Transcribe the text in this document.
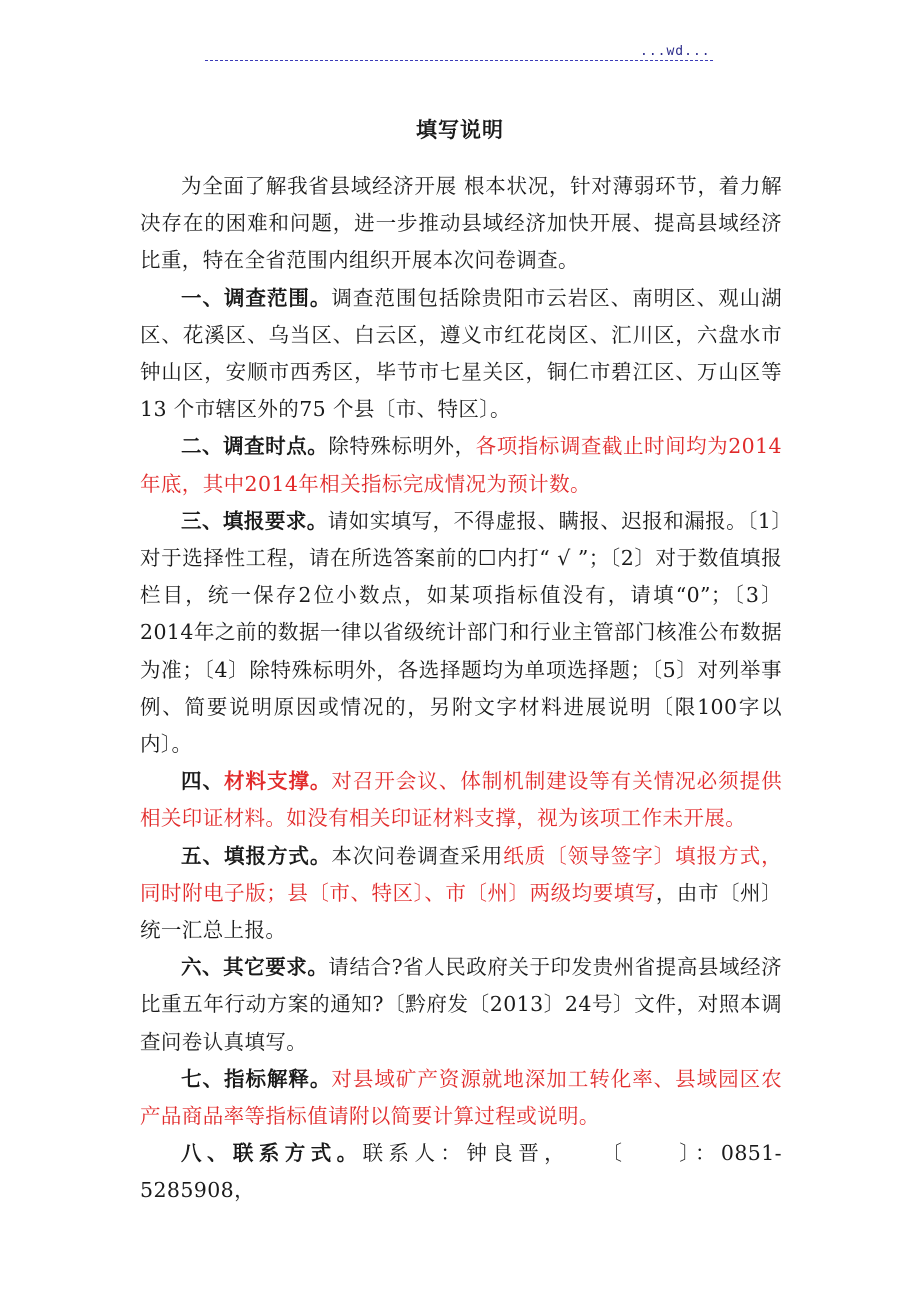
...wd...
填写说明

为全面了解我省县域经济开展 根本状况，针对薄弱环节，着力解决存在的困难和问题，进一步推动县域经济加快开展、提高县域经济比重，特在全省范围内组织开展本次问卷调查。

一、调查范围。调查范围包括除贵阳市云岩区、南明区、观山湖区、花溪区、乌当区、白云区，遵义市红花岗区、汇川区，六盘水市钟山区，安顺市西秀区，毕节市七星关区，铜仁市碧江区、万山区等13 个市辖区外的75 个县〔市、特区〕。

二、调查时点。除特殊标明外，各项指标调查截止时间均为2014年底，其中2014年相关指标完成情况为预计数。

三、填报要求。请如实填写，不得虚报、瞒报、迟报和漏报。〔1〕对于选择性工程，请在所选答案前的☐内打“ √ ”；〔2〕对于数值填报栏目，统一保存2位小数点，如某项指标值没有，请填“0”；〔3〕2014年之前的数据一律以省级统计部门和行业主管部门核准公布数据为准；〔4〕除特殊标明外，各选择题均为单项选择题；〔5〕对列举事例、简要说明原因或情况的，另附文字材料进展说明〔限100字以内〕。

四、材料支撑。对召开会议、体制机制建设等有关情况必须提供相关印证材料。如没有相关印证材料支撑，视为该项工作未开展。

五、填报方式。本次问卷调查采用纸质〔领导签字〕填报方式，同时附电子版；县〔市、特区〕、市〔州〕两级均要填写，由市〔州〕统一汇总上报。

六、其它要求。请结合?省人民政府关于印发贵州省提高县域经济比重五年行动方案的通知?〔黔府发〔2013〕24号〕文件，对照本调查问卷认真填写。

七、指标解释。对县域矿产资源就地深加工转化率、县域园区农产品商品率等指标值请附以简要计算过程或说明。

八、联系方式。联系人：钟良晋，　　〔　　〕：0851-5285908，
